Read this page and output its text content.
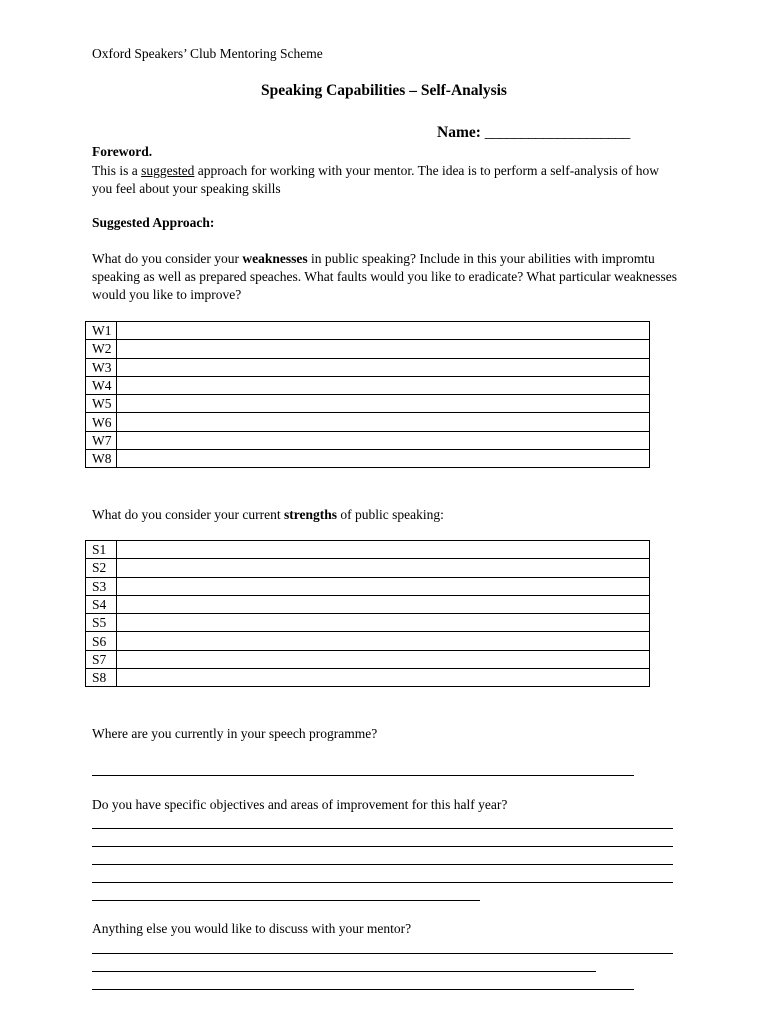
Oxford Speakers’ Club Mentoring Scheme
Speaking Capabilities – Self-Analysis
Name: ____________________
Foreword.
This is a suggested approach for working with your mentor. The idea is to perform a self-analysis of how you feel about your speaking skills
Suggested Approach:
What do you consider your weaknesses in public speaking? Include in this your abilities with impromtu speaking as well as prepared speaches. What faults would you like to eradicate? What particular weaknesses would you like to improve?
W1	
W2	
W3	
W4	
W5	
W6	
W7	
W8	
What do you consider your current strengths of public speaking:
S1	
S2	
S3	
S4	
S5	
S6	
S7	
S8	
Where are you currently in your speech programme?
Do you have specific objectives and areas of improvement for this half year?
Anything else you would like to discuss with your mentor?
